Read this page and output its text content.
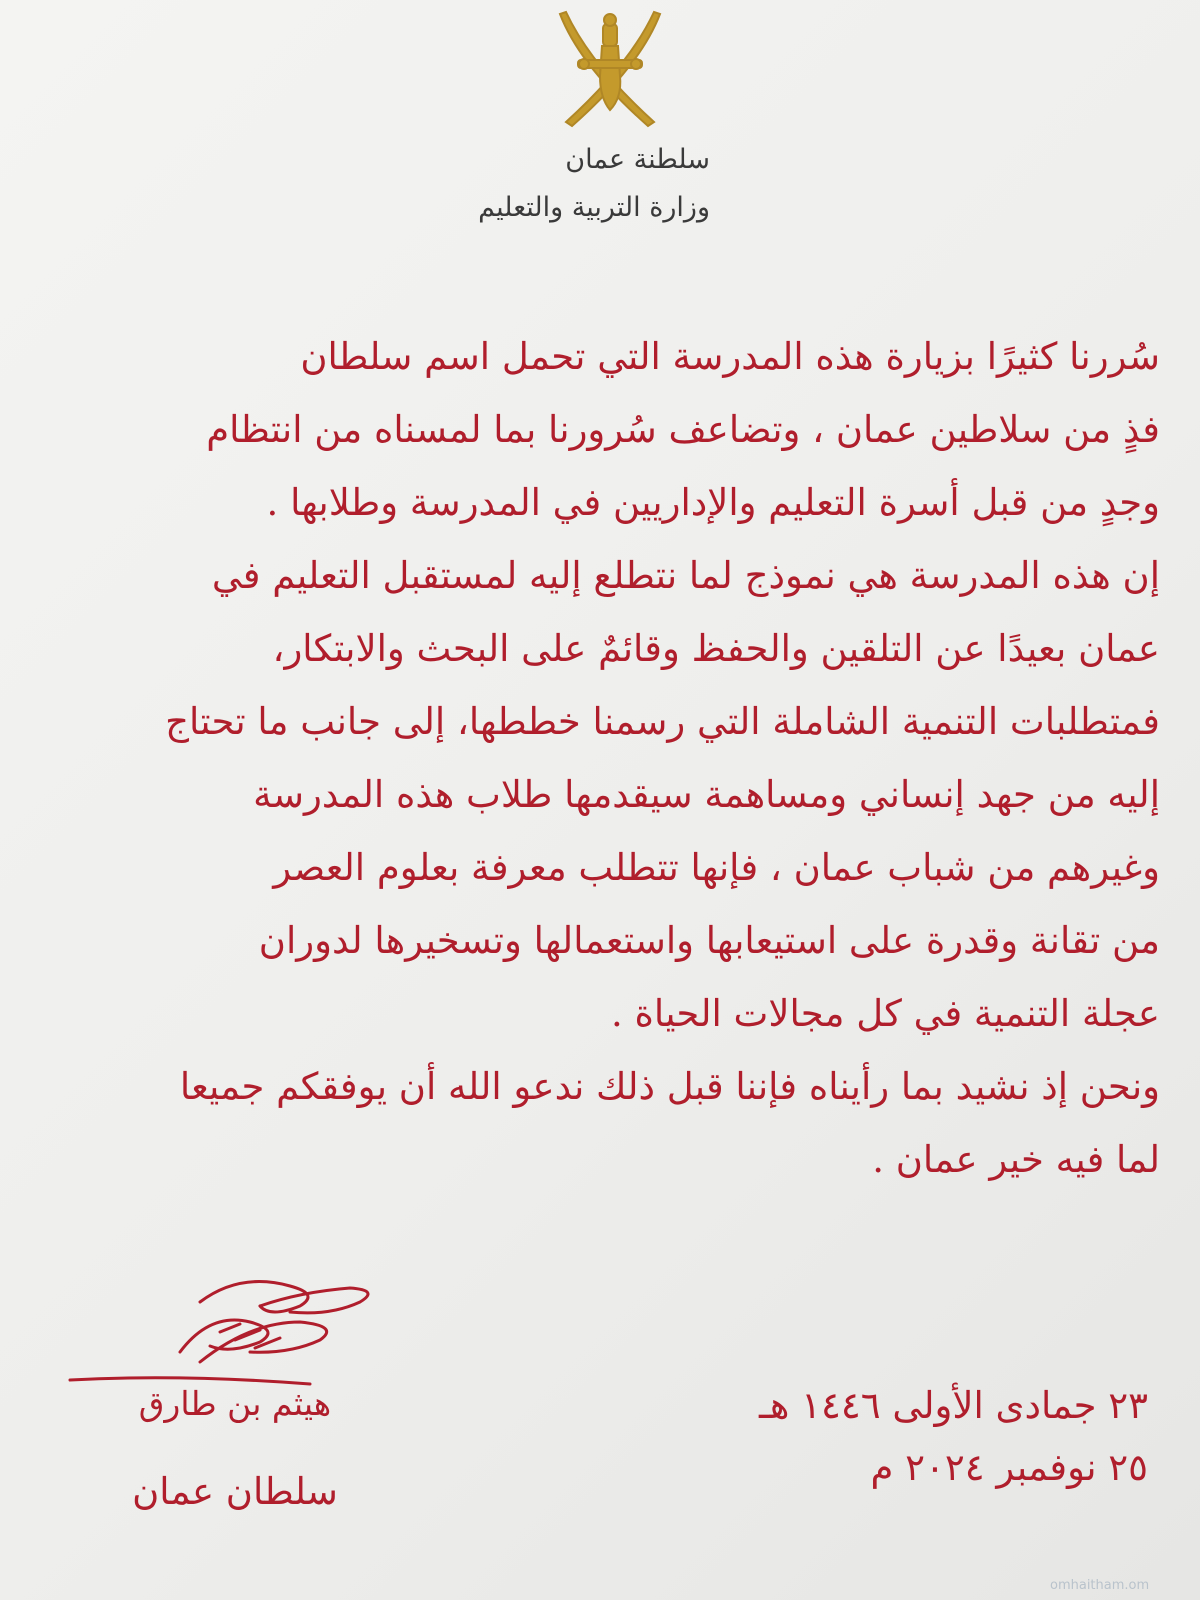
سلطنة عمان
وزارة التربية والتعليم
سُررنا كثيرًا بزيارة هذه المدرسة التي تحمل اسم سلطان
فذٍ من سلاطين عمان ، وتضاعف سُرورنا بما لمسناه من انتظام
وجدٍ من قبل أسرة التعليم والإداريين في المدرسة وطلابها .
إن هذه المدرسة هي نموذج لما نتطلع إليه لمستقبل التعليم في
عمان بعيدًا عن التلقين والحفظ وقائمٌ على البحث والابتكار،
فمتطلبات التنمية الشاملة التي رسمنا خططها، إلى جانب ما تحتاج
إليه من جهد إنساني ومساهمة سيقدمها طلاب هذه المدرسة
وغيرهم من شباب عمان ، فإنها تتطلب معرفة بعلوم العصر
من تقانة وقدرة على استيعابها واستعمالها وتسخيرها لدوران
عجلة التنمية في كل مجالات الحياة .
ونحن إذ نشيد بما رأيناه فإننا قبل ذلك ندعو الله أن يوفقكم جميعا
لما فيه خير عمان .
هيثم بن طارق
سلطان عمان
٢٣ جمادى الأولى ١٤٤٦ هـ
٢٥ نوفمبر ٢٠٢٤ م
omhaitham.om
